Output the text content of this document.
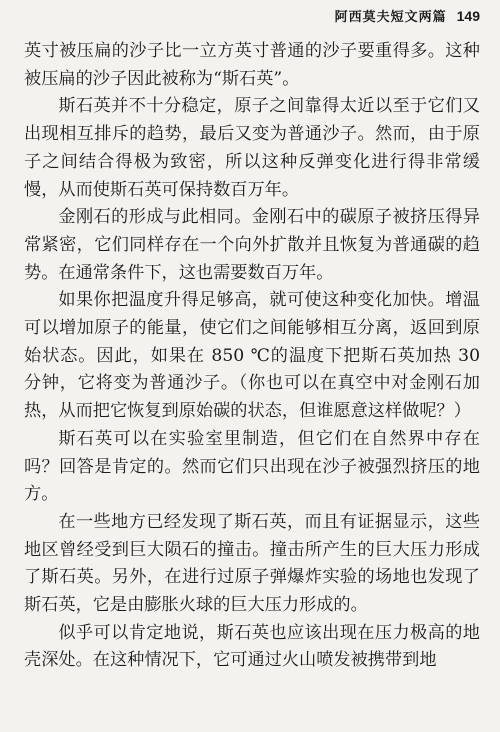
阿西莫夫短文两篇 149

英寸被压扁的沙子比一立方英寸普通的沙子要重得多。这种被压扁的沙子因此被称为“斯石英”。

斯石英并不十分稳定，原子之间靠得太近以至于它们又出现相互排斥的趋势，最后又变为普通沙子。然而，由于原子之间结合得极为致密，所以这种反弹变化进行得非常缓慢，从而使斯石英可保持数百万年。

金刚石的形成与此相同。金刚石中的碳原子被挤压得异常紧密，它们同样存在一个向外扩散并且恢复为普通碳的趋势。在通常条件下，这也需要数百万年。

如果你把温度升得足够高，就可使这种变化加快。增温可以增加原子的能量，使它们之间能够相互分离，返回到原始状态。因此，如果在 850 ℃的温度下把斯石英加热 30 分钟，它将变为普通沙子。（你也可以在真空中对金刚石加热，从而把它恢复到原始碳的状态，但谁愿意这样做呢？）

斯石英可以在实验室里制造，但它们在自然界中存在吗？回答是肯定的。然而它们只出现在沙子被强烈挤压的地方。

在一些地方已经发现了斯石英，而且有证据显示，这些地区曾经受到巨大陨石的撞击。撞击所产生的巨大压力形成了斯石英。另外，在进行过原子弹爆炸实验的场地也发现了斯石英，它是由膨胀火球的巨大压力形成的。

似乎可以肯定地说，斯石英也应该出现在压力极高的地壳深处。在这种情况下，它可通过火山喷发被携带到地
